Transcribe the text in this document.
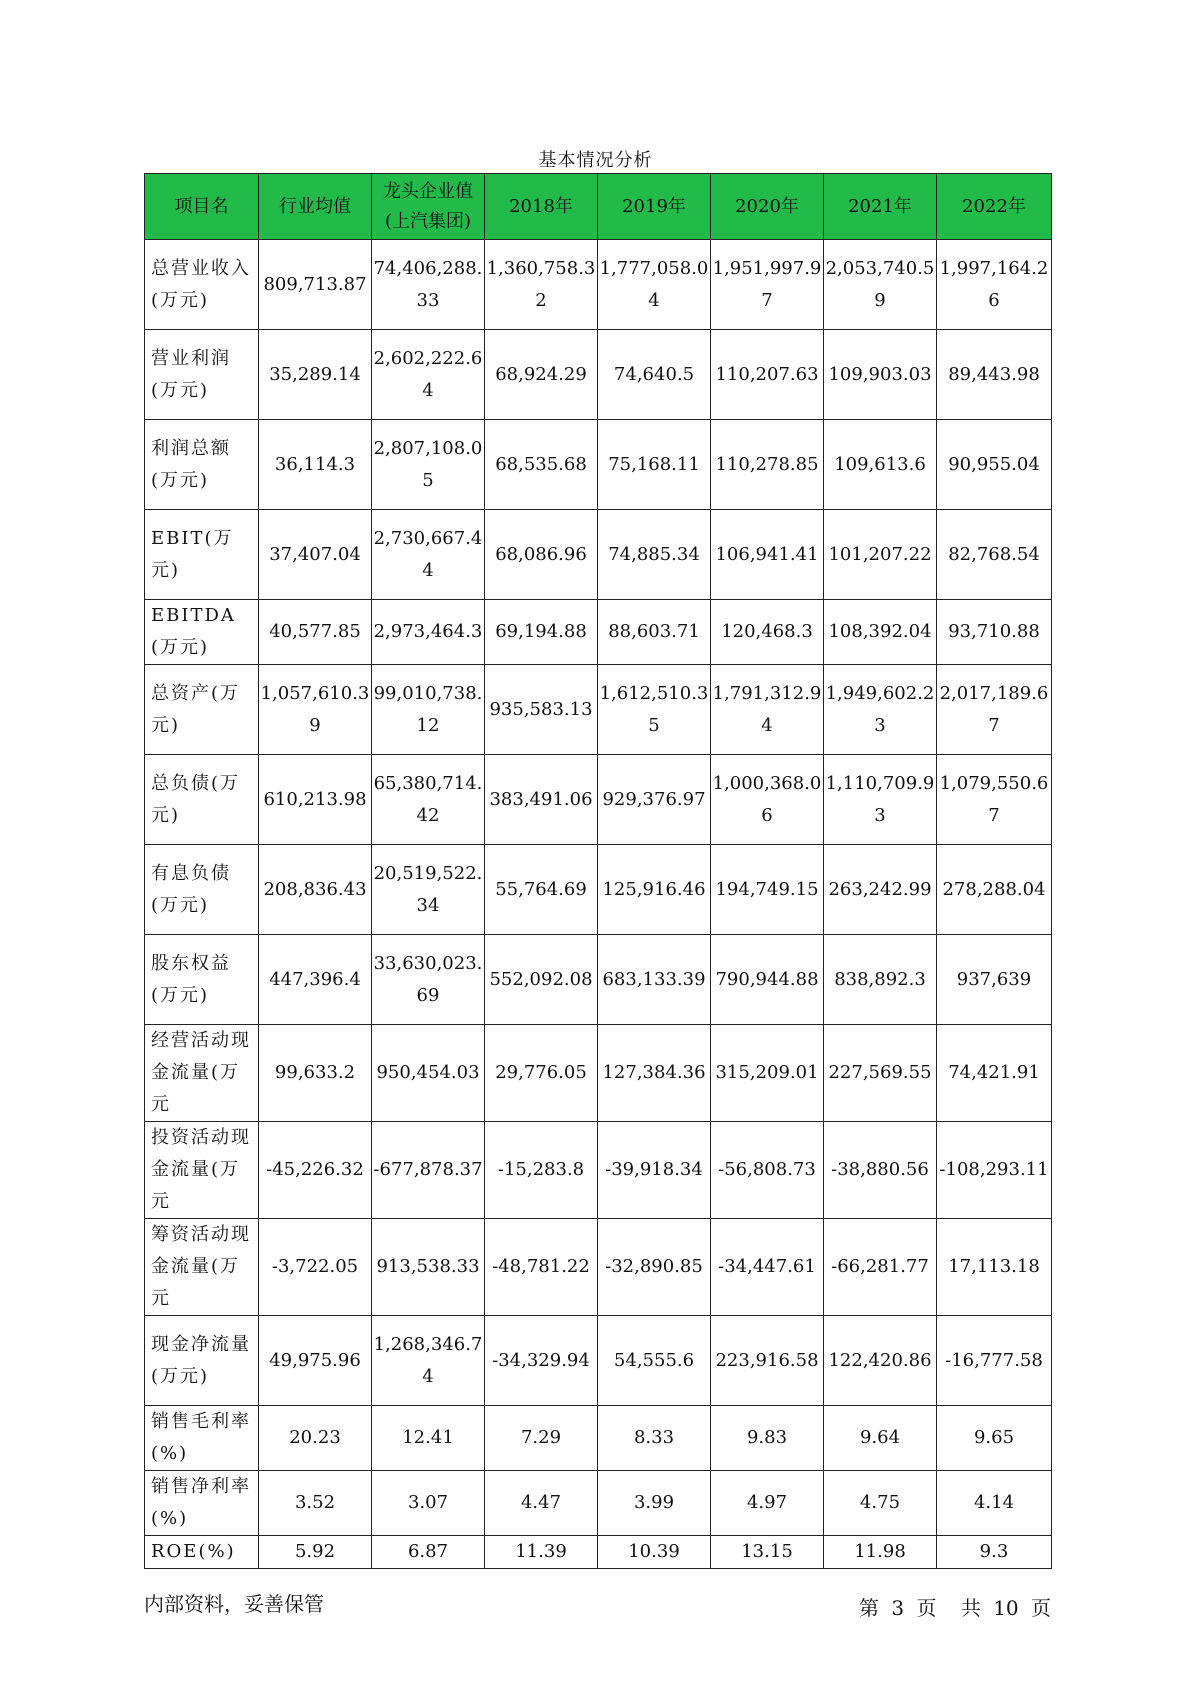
基本情况分析
项目名	行业均值	龙头企业值(上汽集团)	2018年	2019年	2020年	2021年	2022年
总营业收入(万元)	809,713.87	74,406,288.33	1,360,758.32	1,777,058.04	1,951,997.97	2,053,740.59	1,997,164.26
营业利润(万元)	35,289.14	2,602,222.64	68,924.29	74,640.5	110,207.63	109,903.03	89,443.98
利润总额(万元)	36,114.3	2,807,108.05	68,535.68	75,168.11	110,278.85	109,613.6	90,955.04
EBIT(万元)	37,407.04	2,730,667.44	68,086.96	74,885.34	106,941.41	101,207.22	82,768.54
EBITDA(万元)	40,577.85	2,973,464.3	69,194.88	88,603.71	120,468.3	108,392.04	93,710.88
总资产(万元)	1,057,610.39	99,010,738.12	935,583.13	1,612,510.35	1,791,312.94	1,949,602.23	2,017,189.67
总负债(万元)	610,213.98	65,380,714.42	383,491.06	929,376.97	1,000,368.06	1,110,709.93	1,079,550.67
有息负债(万元)	208,836.43	20,519,522.34	55,764.69	125,916.46	194,749.15	263,242.99	278,288.04
股东权益(万元)	447,396.4	33,630,023.69	552,092.08	683,133.39	790,944.88	838,892.3	937,639
经营活动现金流量(万元	99,633.2	950,454.03	29,776.05	127,384.36	315,209.01	227,569.55	74,421.91
投资活动现金流量(万元	-45,226.32	-677,878.37	-15,283.8	-39,918.34	-56,808.73	-38,880.56	-108,293.11
筹资活动现金流量(万元	-3,722.05	913,538.33	-48,781.22	-32,890.85	-34,447.61	-66,281.77	17,113.18
现金净流量(万元)	49,975.96	1,268,346.74	-34,329.94	54,555.6	223,916.58	122,420.86	-16,777.58
销售毛利率(%)	20.23	12.41	7.29	8.33	9.83	9.64	9.65
销售净利率(%)	3.52	3.07	4.47	3.99	4.97	4.75	4.14
ROE(%)	5.92	6.87	11.39	10.39	13.15	11.98	9.3
内部资料，妥善保管	第 3 页 共 10 页
